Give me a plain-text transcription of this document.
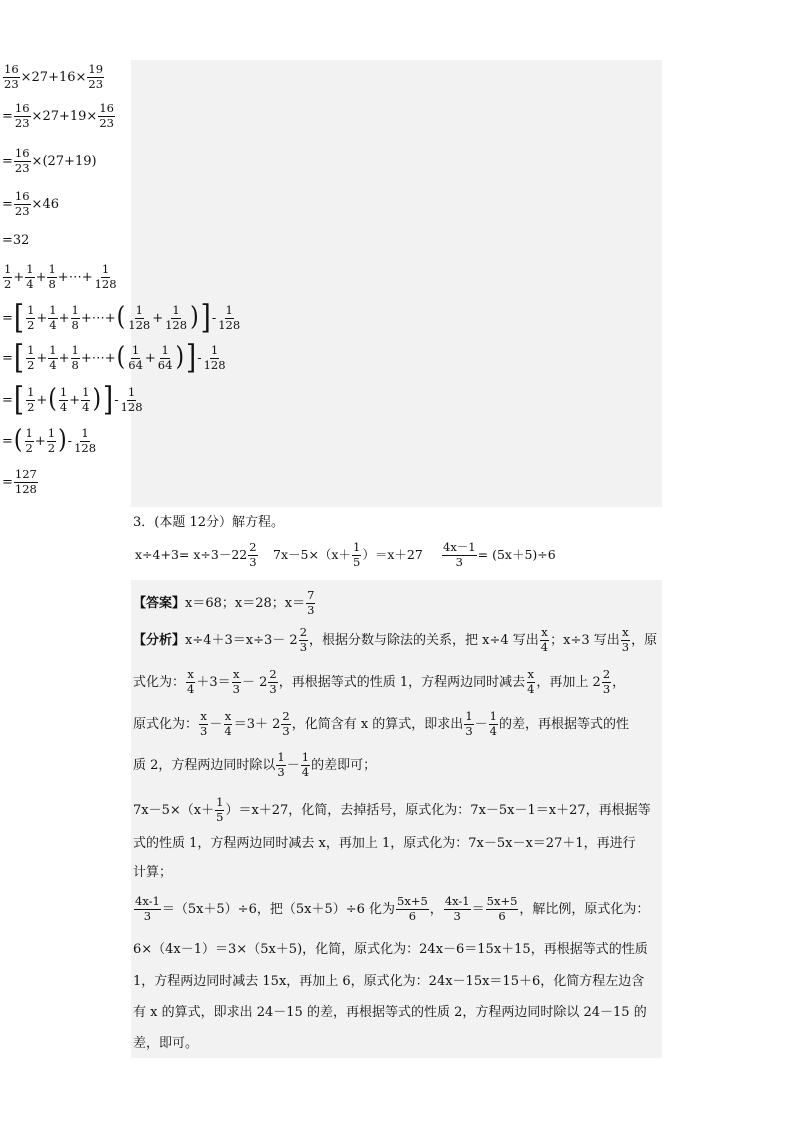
$\frac{16}{23} \times 27+16\times \frac{19}{23}$
= $\frac{16}{23} \times 27+19\times \frac{16}{23}$
= $\frac{16}{23} \times(27+19)$
= $\frac{16}{23} \times 46$
=32
$\frac{1}{2} + \frac{1}{4} + \frac{1}{8}$ +⋯+ $\frac{1}{128}$
= [ $\frac{1}{2} + \frac{1}{4} + \frac{1}{8}$ +⋯+ ( $\frac{1}{128} + \frac{1}{128}$ ) ] - $\frac{1}{128}$
= [ $\frac{1}{2} + \frac{1}{4} + \frac{1}{8}$ +⋯+ ( $\frac{1}{64} + \frac{1}{64}$ ) ] - $\frac{1}{128}$
= [ $\frac{1}{2}$ + ( $\frac{1}{4} + \frac{1}{4}$ ) ] - $\frac{1}{128}$
= ( $\frac{1}{2} + \frac{1}{2}$ ) - $\frac{1}{128}$
= $\frac{127}{128}$
3．(本题 12分）解方程。
x÷4+3= x÷3－2 $2 \frac{2}{3} 7x-5\times(x+ \frac{1}{5} )=x+27 \frac{4x-1}{3} = (5x+5)\div 6$
【答案】 x＝68；x＝28；$x= \frac{7}{3}$
【分析】 $x\div 4+3=x\div 3- 2 \frac{2}{3}$ ，根据分数与除法的关系，把 x÷4 写出 $\frac{x}{4}$ ；x÷3 写出 $\frac{x}{3}$ ，原
式化为： $\frac{x}{4} +3= \frac{x}{3} - 2 \frac{2}{3}$ ，再根据等式的性质 1，方程两边同时减去 $\frac{x}{4}$ ，再加上 $2 \frac{2}{3}$ ，
原式化为： $\frac{x}{3} - \frac{x}{4} =3+ 2 \frac{2}{3}$ ，化简含有 x 的算式，即求出 $\frac{1}{3} - \frac{1}{4}$ 的差，再根据等式的性
质 2，方程两边同时除以 $\frac{1}{3} - \frac{1}{4}$ 的差即可；
$7x-5\times(x+ \frac{1}{5} )=x+27$，化简，去掉括号，原式化为：7x－5x－1＝x＋27，再根据等
式的性质 1，方程两边同时减去 x，再加上 1，原式化为：7x－5x－x＝27＋1，再进行
计算；
$\frac{4x-1}{3} =(5x+5)\div 6$，把（5x＋5）÷6 化为 $\frac{5x+5}{6}$ ， $\frac{4x-1}{3} = \frac{5x+5}{6}$ ，解比例，原式化为：
6×（4x－1）＝3×（5x＋5)，化简，原式化为：24x－6＝15x＋15，再根据等式的性质
1，方程两边同时减去 15x，再加上 6，原式化为：24x－15x＝15＋6，化简方程左边含
有 x 的算式，即求出 24－15 的差，再根据等式的性质 2，方程两边同时除以 24－15 的
差，即可。
